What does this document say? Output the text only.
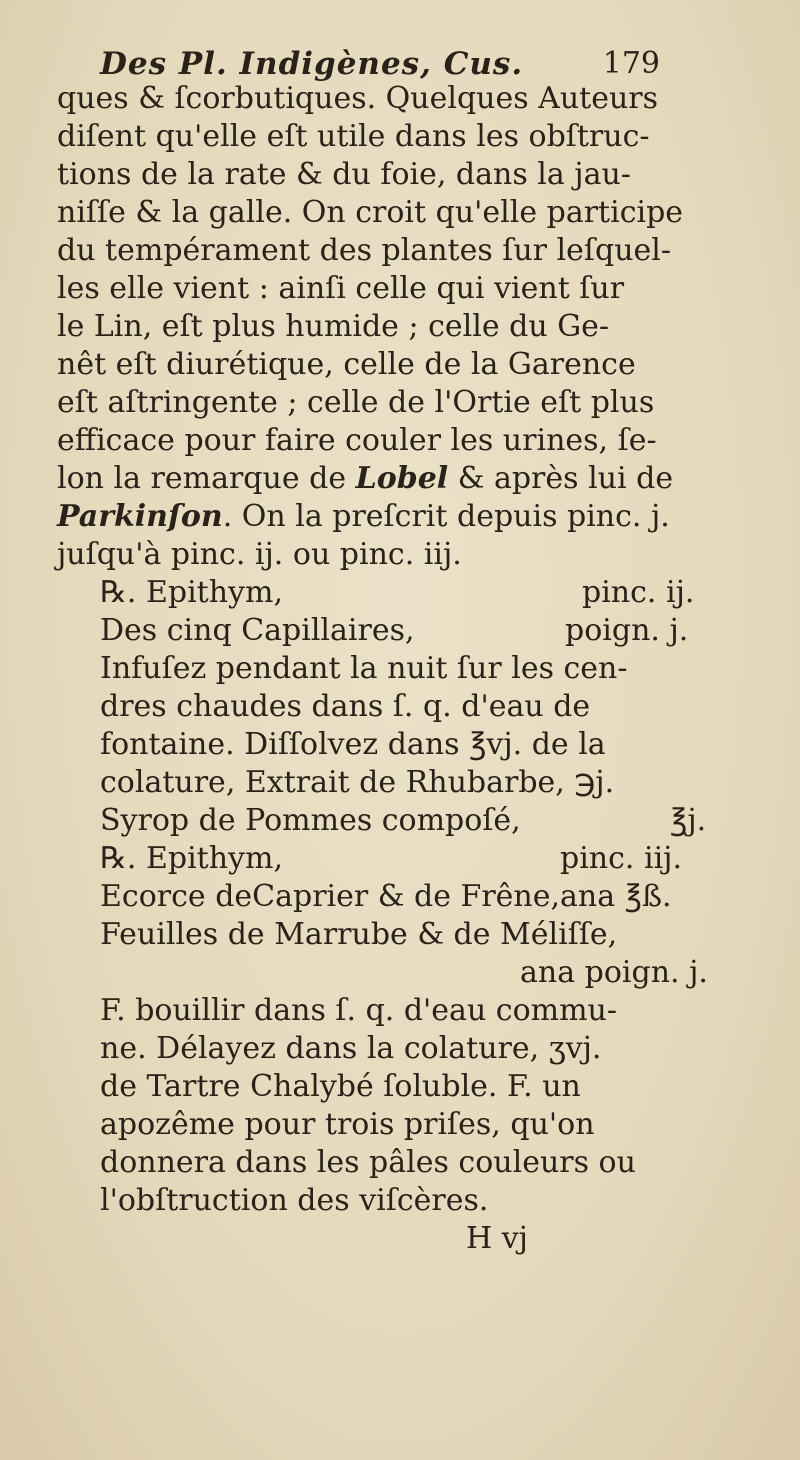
Des Pl. Indigènes, Cus.	179
ques & ſcorbutiques. Quelques Auteurs
diſent qu'elle eſt utile dans les obſtruc-
tions de la rate & du foie, dans la jau-
niſſe & la galle. On croit qu'elle participe
du tempérament des plantes ſur leſquel-
les elle vient : ainſi celle qui vient ſur
le Lin, eſt plus humide ; celle du Ge-
nêt eſt diurétique, celle de la Garence
eſt aſtringente ; celle de l'Ortie eſt plus
efficace pour faire couler les urines, ſe-
lon la remarque de Lobel & après lui de
Parkinſon. On la preſcrit depuis pinc. j.
juſqu'à pinc. ij. ou pinc. iij.
℞. Epithym,	pinc. ij.
Des cinq Capillaires,	poign. j.
Infuſez pendant la nuit ſur les cen-
dres chaudes dans ſ. q. d'eau de
fontaine. Diſſolvez dans ℥vj. de la
colature, Extrait de Rhubarbe, ℈j.
Syrop de Pommes compoſé,	℥j.
℞. Epithym,	pinc. iij.
Ecorce deCaprier & de Frêne,ana ℥ß.
Feuilles de Marrube & de Méliſſe,
ana poign. j.
F. bouillir dans ſ. q. d'eau commu-
ne. Délayez dans la colature, ʒvj.
de Tartre Chalybé ſoluble. F. un
apozême pour trois priſes, qu'on
donnera dans les pâles couleurs ou
l'obſtruction des viſcères.
H vj
